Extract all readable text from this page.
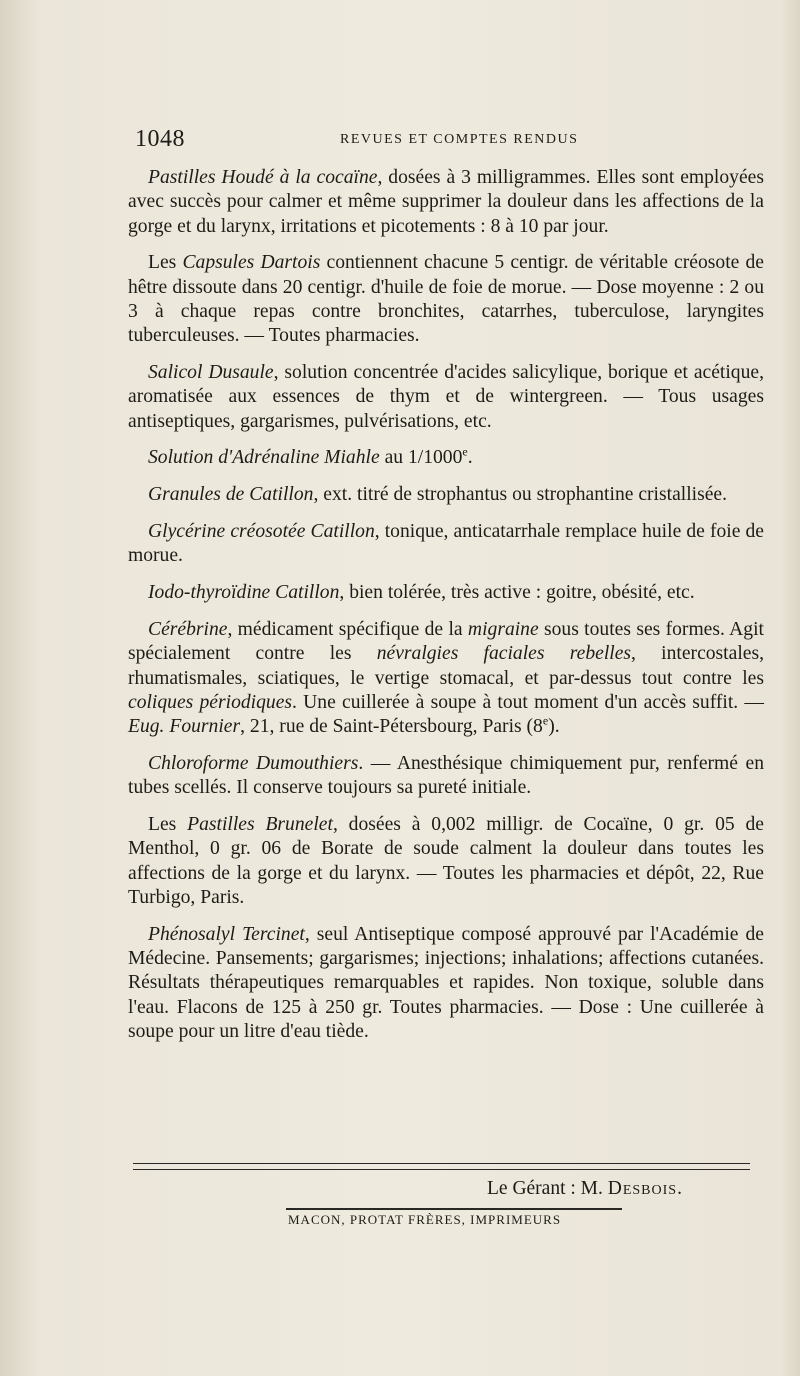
1048	REVUES ET COMPTES RENDUS

Pastilles Houdé à la cocaïne, dosées à 3 milligrammes. Elles sont employées avec succès pour calmer et même supprimer la douleur dans les affections de la gorge et du larynx, irritations et picotements : 8 à 10 par jour.

Les Capsules Dartois contiennent chacune 5 centigr. de véritable créosote de hêtre dissoute dans 20 centigr. d'huile de foie de morue. — Dose moyenne : 2 ou 3 à chaque repas contre bronchites, catarrhes, tuberculose, laryngites tuberculeuses. — Toutes pharmacies.

Salicol Dusaule, solution concentrée d'acides salicylique, borique et acétique, aromatisée aux essences de thym et de wintergreen. — Tous usages antiseptiques, gargarismes, pulvérisations, etc.

Solution d'Adrénaline Miahle au 1/1000e.

Granules de Catillon, ext. titré de strophantus ou strophantine cristallisée.

Glycérine créosotée Catillon, tonique, anticatarrhale remplace huile de foie de morue.

Iodo-thyroïdine Catillon, bien tolérée, très active : goitre, obésité, etc.

Cérébrine, médicament spécifique de la migraine sous toutes ses formes. Agit spécialement contre les névralgies faciales rebelles, intercostales, rhumatismales, sciatiques, le vertige stomacal, et par-dessus tout contre les coliques périodiques. Une cuillerée à soupe à tout moment d'un accès suffit. — Eug. Fournier, 21, rue de Saint-Pétersbourg, Paris (8e).

Chloroforme Dumouthiers. — Anesthésique chimiquement pur, renfermé en tubes scellés. Il conserve toujours sa pureté initiale.

Les Pastilles Brunelet, dosées à 0,002 milligr. de Cocaïne, 0 gr. 05 de Menthol, 0 gr. 06 de Borate de soude calment la douleur dans toutes les affections de la gorge et du larynx. — Toutes les pharmacies et dépôt, 22, Rue Turbigo, Paris.

Phénosalyl Tercinet, seul Antiseptique composé approuvé par l'Académie de Médecine. Pansements; gargarismes; injections; inhalations; affections cutanées. Résultats thérapeutiques remarquables et rapides. Non toxique, soluble dans l'eau. Flacons de 125 à 250 gr. Toutes pharmacies. — Dose : Une cuillerée à soupe pour un litre d'eau tiède.

Le Gérant : M. Desbois.
MACON, PROTAT FRÈRES, IMPRIMEURS
